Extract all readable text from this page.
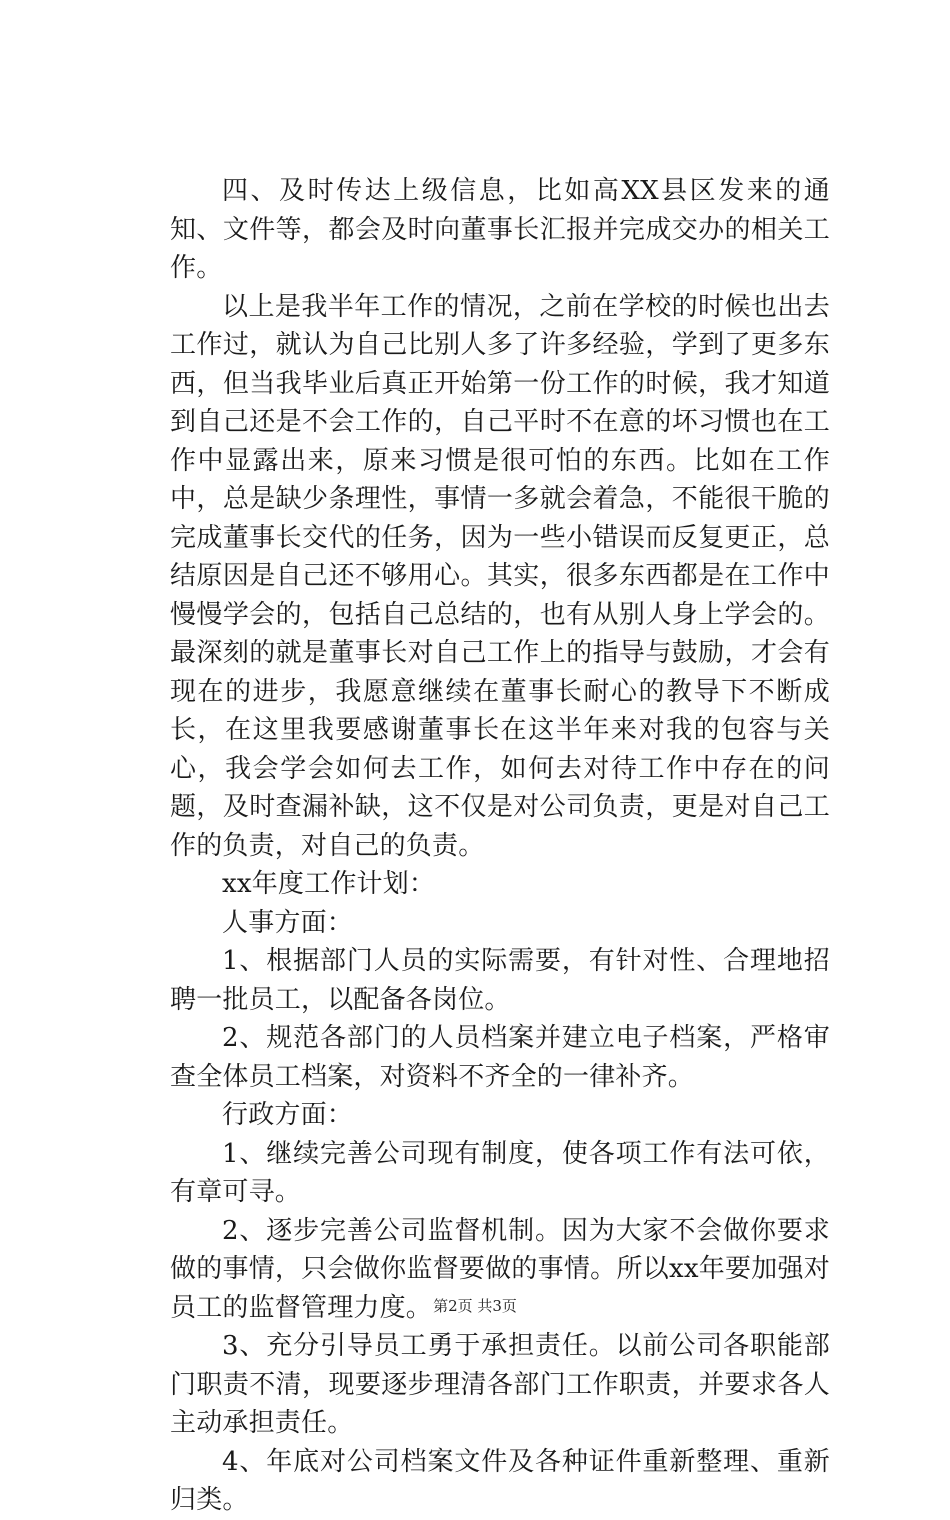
四、及时传达上级信息，比如高XX县区发来的通知、文件等，都会及时向董事长汇报并完成交办的相关工作。

以上是我半年工作的情况，之前在学校的时候也出去工作过，就认为自己比别人多了许多经验，学到了更多东西，但当我毕业后真正开始第一份工作的时候，我才知道到自己还是不会工作的，自己平时不在意的坏习惯也在工作中显露出来，原来习惯是很可怕的东西。比如在工作中，总是缺少条理性，事情一多就会着急，不能很干脆的完成董事长交代的任务，因为一些小错误而反复更正，总结原因是自己还不够用心。其实，很多东西都是在工作中慢慢学会的，包括自己总结的，也有从别人身上学会的。最深刻的就是董事长对自己工作上的指导与鼓励，才会有现在的进步，我愿意继续在董事长耐心的教导下不断成长，在这里我要感谢董事长在这半年来对我的包容与关心，我会学会如何去工作，如何去对待工作中存在的问题，及时查漏补缺，这不仅是对公司负责，更是对自己工作的负责，对自己的负责。

xx年度工作计划：

人事方面：

1、根据部门人员的实际需要，有针对性、合理地招聘一批员工，以配备各岗位。

2、规范各部门的人员档案并建立电子档案，严格审查全体员工档案，对资料不齐全的一律补齐。

行政方面：

1、继续完善公司现有制度，使各项工作有法可依，有章可寻。

2、逐步完善公司监督机制。因为大家不会做你要求做的事情，只会做你监督要做的事情。所以xx年要加强对员工的监督管理力度。

3、充分引导员工勇于承担责任。以前公司各职能部门职责不清，现要逐步理清各部门工作职责，并要求各人主动承担责任。

4、年底对公司档案文件及各种证件重新整理、重新归类。

第2页 共3页
